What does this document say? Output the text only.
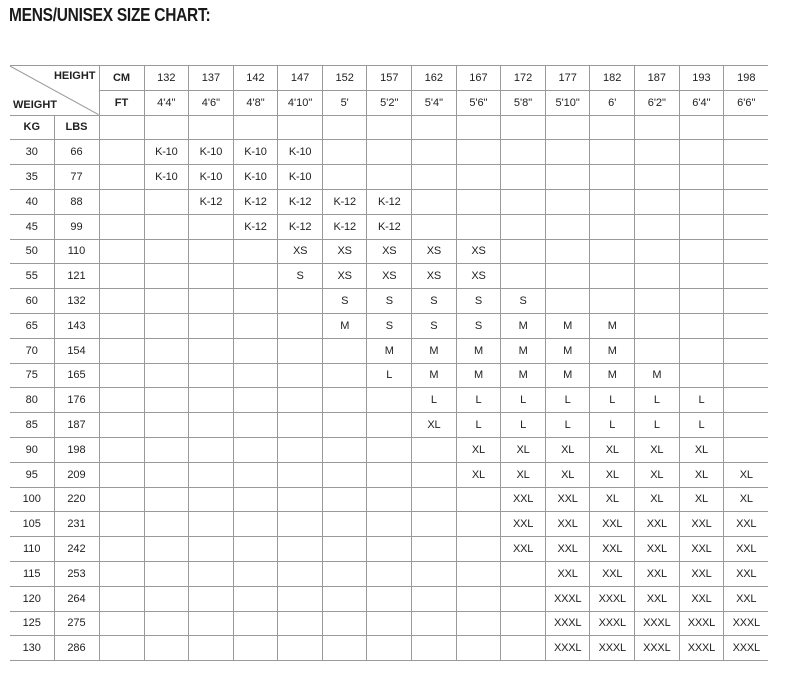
MENS/UNISEX SIZE CHART:
HEIGHT
WEIGHT		CM	132	137	142	147	152	157	162	167	172	177	182	187	193	198
		FT	4'4"	4'6"	4'8"	4'10"	5'	5'2"	5'4"	5'6"	5'8"	5'10"	6'	6'2"	6'4"	6'6"
KG	LBS															
30	66		K-10	K-10	K-10	K-10										
35	77		K-10	K-10	K-10	K-10										
40	88			K-12	K-12	K-12	K-12	K-12								
45	99				K-12	K-12	K-12	K-12								
50	110					XS	XS	XS	XS	XS						
55	121					S	XS	XS	XS	XS						
60	132						S	S	S	S	S					
65	143						M	S	S	S	M	M	M			
70	154							M	M	M	M	M	M			
75	165							L	M	M	M	M	M	M		
80	176								L	L	L	L	L	L	L	
85	187								XL	L	L	L	L	L	L	
90	198									XL	XL	XL	XL	XL	XL	
95	209									XL	XL	XL	XL	XL	XL	XL
100	220										XXL	XXL	XL	XL	XL	XL
105	231										XXL	XXL	XXL	XXL	XXL	XXL
110	242										XXL	XXL	XXL	XXL	XXL	XXL
115	253											XXL	XXL	XXL	XXL	XXL
120	264											XXXL	XXXL	XXL	XXL	XXL
125	275											XXXL	XXXL	XXXL	XXXL	XXXL
130	286											XXXL	XXXL	XXXL	XXXL	XXXL
